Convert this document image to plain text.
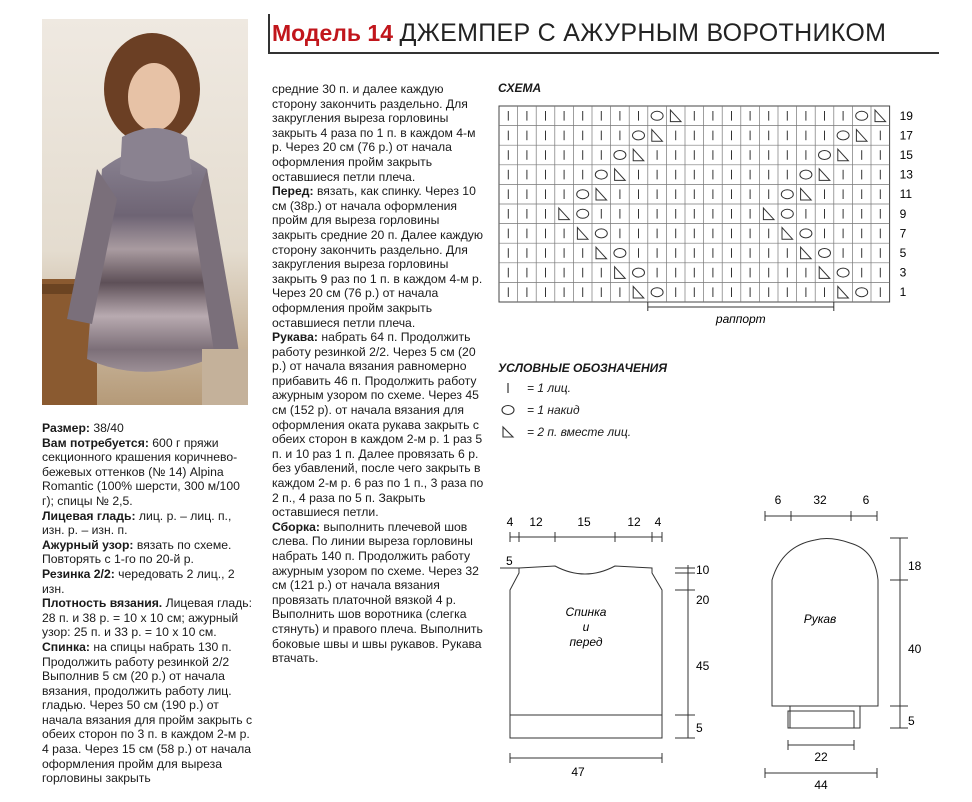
Модель 14
. ДЖЕМПЕР С АЖУРНЫМ ВОРОТНИКОМ

Размер: 38/40

Вам потребуется: 600 г пряжи секционного крашения коричнево-бежевых оттенков (№ 14) Alpina Romantic (100% шерсти, 300 м/100 г); спицы № 2,5.

Лицевая гладь: лиц. р. – лиц. п., изн. р. – изн. п.

Ажурный узор: вязать по схеме. Повторять с 1-го по 20-й р.

Резинка 2/2: чередовать 2 лиц., 2 изн.

Плотность вязания. Лицевая гладь: 28 п. и 38 р. = 10 х 10 см; ажурный узор: 25 п. и 33 р. = 10 х 10 см.

Спинка: на спицы набрать 130 п. Продолжить работу резинкой 2/2 Выполнив 5 см (20 р.) от начала вязания, продолжить работу лиц. гладью. Через 50 см (190 р.) от начала вязания для пройм закрыть с обеих сторон по 3 п. в каждом 2-м р. 4 раза. Через 15 см (58 р.) от начала оформления пройм для выреза горловины закрыть

средние 30 п. и далее каждую сторону закончить раздельно. Для закругления выреза горловины закрыть 4 раза по 1 п. в каждом 4-м р. Через 20 см (76 р.) от начала оформления пройм закрыть оставшиеся петли плеча.

Перед: вязать, как спинку. Через 10 см (38р.) от начала оформления пройм для выреза горловины закрыть средние 20 п. Далее каждую сторону закончить раздельно. Для закругления выреза горловины закрыть 9 раз по 1 п. в каждом 4-м р. Через 20 см (76 р.) от начала оформления пройм закрыть оставшиеся петли плеча.

Рукава: набрать 64 п. Продолжить работу резинкой 2/2. Через 5 см (20 р.) от начала вязания равномерно прибавить 46 п. Продолжить работу ажурным узором по схеме. Через 45 см (152 р). от начала вязания для оформления оката рукава закрыть с обеих сторон в каждом 2-м р. 1 раз 5 п. и 10 раз 1 п. Далее провязать 6 р. без убавлений, после чего закрыть в каждом 2-м р. 6 раз по 1 п., 3 раза по 2 п., 4 раза по 5 п. Закрыть оставшиеся петли.

Сборка: выполнить плечевой шов слева. По линии выреза горловины набрать 140 п. Продолжить работу ажурным узором по схеме. Через 32 см (121 р.) от начала вязания провязать платочной вязкой 4 р. Выполнить шов воротника (слегка стянуть) и правого плеча. Выполнить боковые швы и швы рукавов. Рукава втачать.

СХЕМА
19
17
15
13
11
9
7
5
3
1
раппорт
УСЛОВНЫЕ ОБОЗНАЧЕНИЯ
= 1 лиц.
= 1 накид
= 2 п. вместе лиц.
4 12	15	12 4
5
10
20
45
5
47
Спинка
и
перед
6	32	6
18
40
5
22
44
Рукав
